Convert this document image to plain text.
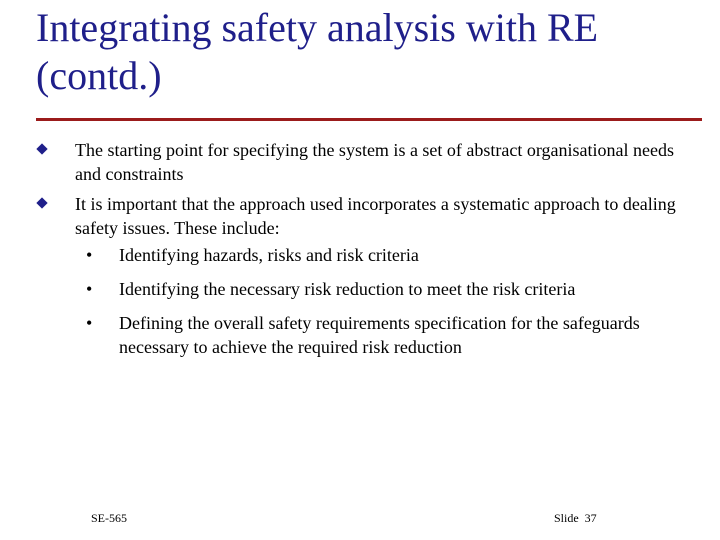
Integrating safety analysis with RE
(contd.)
The starting point for specifying the system is a set of abstract organisational needs and constraints
It is important that the approach used incorporates a systematic approach to dealing safety issues. These include:
• Identifying hazards, risks and risk criteria
• Identifying the necessary risk reduction to meet the risk criteria
• Defining the overall safety requirements specification for the safeguards necessary to achieve the required risk reduction
SE-565	Slide 37
